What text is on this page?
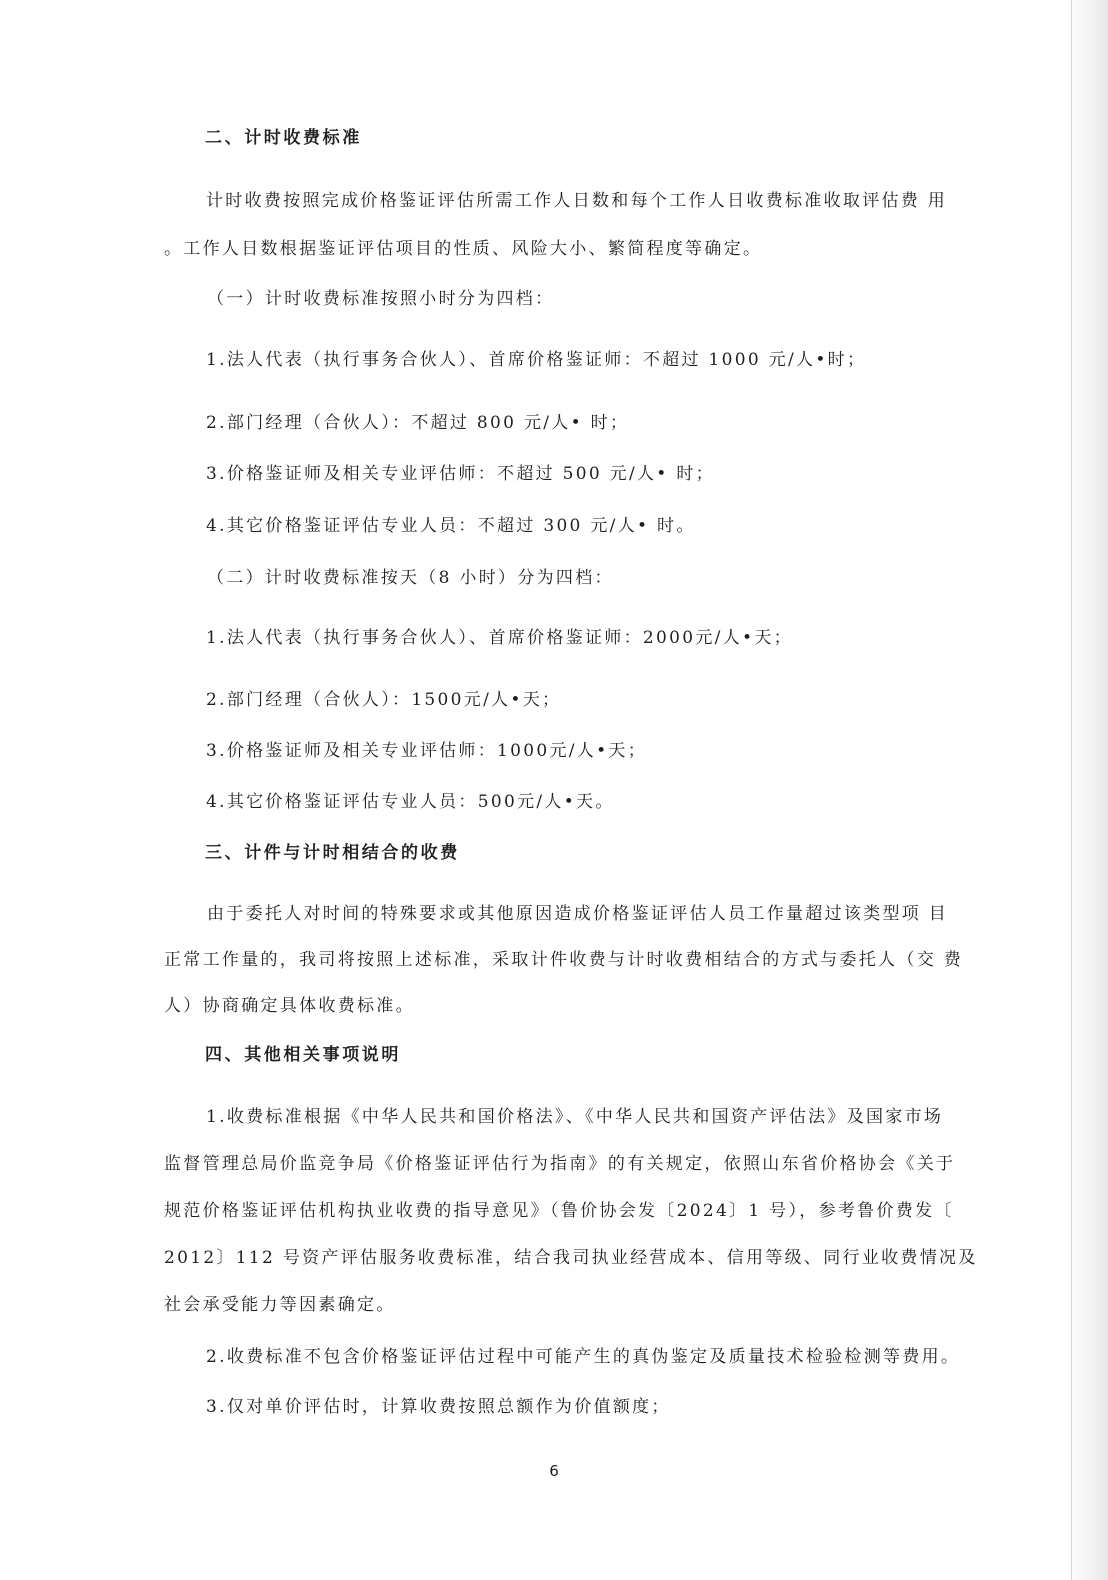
二、计时收费标准
计时收费按照完成价格鉴证评估所需工作人日数和每个工作人日收费标准收取评估费 用
。工作人日数根据鉴证评估项目的性质、风险大小、繁简程度等确定。
（一）计时收费标准按照小时分为四档：
1.法人代表（执行事务合伙人）、首席价格鉴证师：不超过 1000 元/人•时；
2.部门经理（合伙人）：不超过 800 元/人• 时；
3.价格鉴证师及相关专业评估师：不超过 500 元/人• 时；
4.其它价格鉴证评估专业人员：不超过 300 元/人• 时。
（二）计时收费标准按天（8 小时）分为四档：
1.法人代表（执行事务合伙人）、首席价格鉴证师：2000元/人•天；
2.部门经理（合伙人）：1500元/人•天；
3.价格鉴证师及相关专业评估师：1000元/人•天；
4.其它价格鉴证评估专业人员：500元/人•天。
三、计件与计时相结合的收费
由于委托人对时间的特殊要求或其他原因造成价格鉴证评估人员工作量超过该类型项 目
正常工作量的，我司将按照上述标准，采取计件收费与计时收费相结合的方式与委托人（交 费
人）协商确定具体收费标准。
四、其他相关事项说明
1.收费标准根据《中华人民共和国价格法》、《中华人民共和国资产评估法》及国家市场
监督管理总局价监竞争局《价格鉴证评估行为指南》的有关规定，依照山东省价格协会《关于
规范价格鉴证评估机构执业收费的指导意见》（鲁价协会发〔2024〕1 号），参考鲁价费发〔
2012〕112 号资产评估服务收费标准，结合我司执业经营成本、信用等级、同行业收费情况及
社会承受能力等因素确定。
2.收费标准不包含价格鉴证评估过程中可能产生的真伪鉴定及质量技术检验检测等费用。
3.仅对单价评估时，计算收费按照总额作为价值额度；
6
